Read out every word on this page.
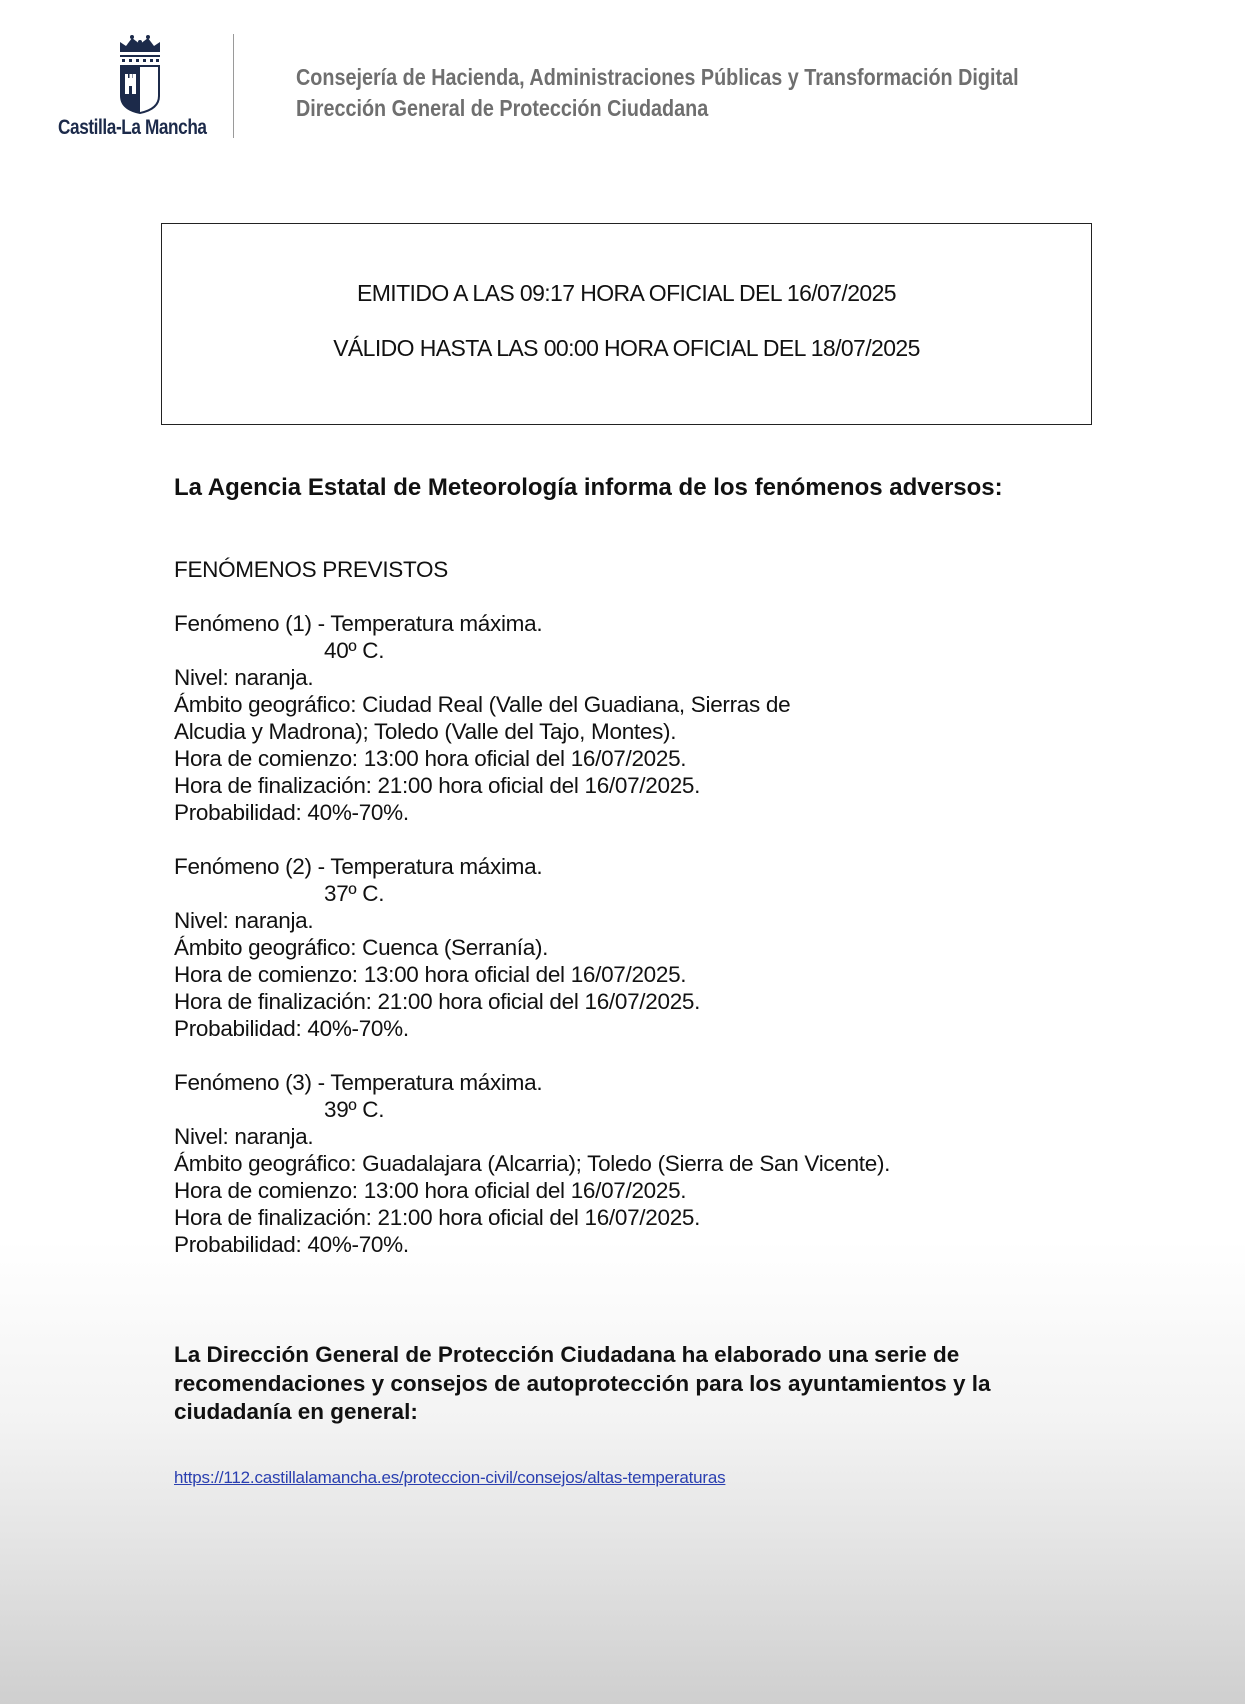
Castilla-La Mancha
Consejería de Hacienda, Administraciones Públicas y Transformación Digital
Dirección General de Protección Ciudadana
EMITIDO A LAS 09:17 HORA OFICIAL DEL 16/07/2025
VÁLIDO HASTA LAS 00:00 HORA OFICIAL DEL 18/07/2025
La Agencia Estatal de Meteorología informa de los fenómenos adversos:
FENÓMENOS PREVISTOS
Fenómeno (1) - Temperatura máxima.
40º C.
Nivel: naranja.
Ámbito geográfico: Ciudad Real (Valle del Guadiana, Sierras de
Alcudia y Madrona); Toledo (Valle del Tajo, Montes).
Hora de comienzo: 13:00 hora oficial del 16/07/2025.
Hora de finalización: 21:00 hora oficial del 16/07/2025.
Probabilidad: 40%-70%.
Fenómeno (2) - Temperatura máxima.
37º C.
Nivel: naranja.
Ámbito geográfico: Cuenca (Serranía).
Hora de comienzo: 13:00 hora oficial del 16/07/2025.
Hora de finalización: 21:00 hora oficial del 16/07/2025.
Probabilidad: 40%-70%.
Fenómeno (3) - Temperatura máxima.
39º C.
Nivel: naranja.
Ámbito geográfico: Guadalajara (Alcarria); Toledo (Sierra de San Vicente).
Hora de comienzo: 13:00 hora oficial del 16/07/2025.
Hora de finalización: 21:00 hora oficial del 16/07/2025.
Probabilidad: 40%-70%.
La Dirección General de Protección Ciudadana ha elaborado una serie de
recomendaciones y consejos de autoprotección para los ayuntamientos y la
ciudadanía en general:
https://112.castillalamancha.es/proteccion-civil/consejos/altas-temperaturas
